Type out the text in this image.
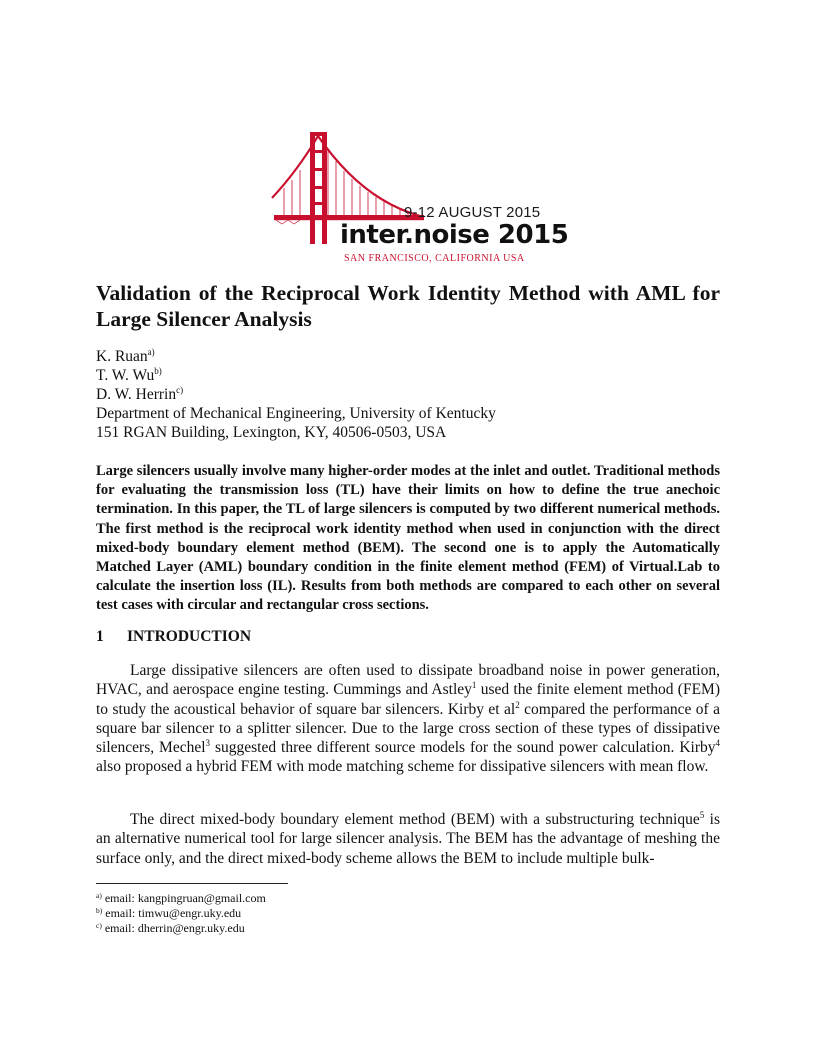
9-12 AUGUST 2015
inter.noise 2015
SAN FRANCISCO, CALIFORNIA USA
Validation of the Reciprocal Work Identity Method with AML for Large Silencer Analysis
K. Ruan$^{a)}$
T. W. Wu$^{b)}$
D. W. Herrin$^{c)}$
Department of Mechanical Engineering, University of Kentucky
151 RGAN Building, Lexington, KY, 40506-0503, USA

Large silencers usually involve many higher-order modes at the inlet and outlet. Traditional methods for evaluating the transmission loss (TL) have their limits on how to define the true anechoic termination. In this paper, the TL of large silencers is computed by two different numerical methods. The first method is the reciprocal work identity method when used in conjunction with the direct mixed-body boundary element method (BEM). The second one is to apply the Automatically Matched Layer (AML) boundary condition in the finite element method (FEM) of Virtual.Lab to calculate the insertion loss (IL). Results from both methods are compared to each other on several test cases with circular and rectangular cross sections.

1 INTRODUCTION

Large dissipative silencers are often used to dissipate broadband noise in power generation, HVAC, and aerospace engine testing. Cummings and Astley$^1$ used the finite element method (FEM) to study the acoustical behavior of square bar silencers. Kirby et $al^2$ compared the performance of a square bar silencer to a splitter silencer. Due to the large cross section of these types of dissipative silencers, Mechel$^3$ suggested three different source models for the sound power calculation. Kirby$^4$ also proposed a hybrid FEM with mode matching scheme for dissipative silencers with mean flow.

The direct mixed-body boundary element method (BEM) with a substructuring technique$^5$ is an alternative numerical tool for large silencer analysis. The BEM has the advantage of meshing the surface only, and the direct mixed-body scheme allows the BEM to include multiple bulk-

$^{a)}$ email: kangpingruan@gmail.com
$^{b)}$ email: timwu@engr.uky.edu
$^{c)}$ email: dherrin@engr.uky.edu
